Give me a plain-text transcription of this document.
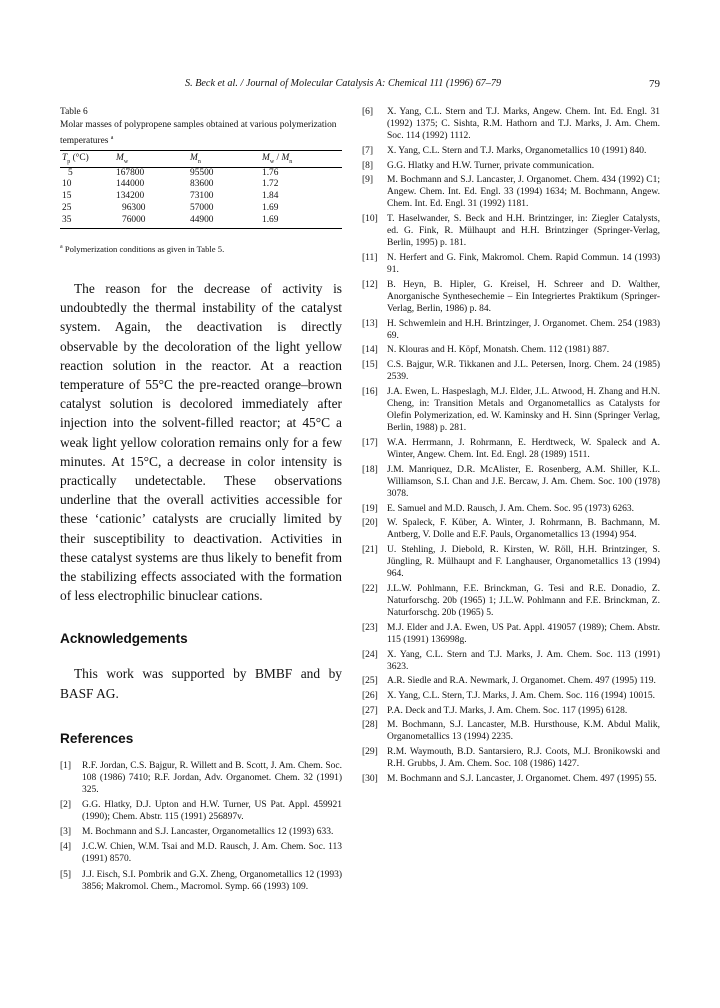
S. Beck et al. / Journal of Molecular Catalysis A: Chemical 111 (1996) 67–79	79
Table 6
Molar masses of polypropene samples obtained at various polymerization temperatures $^a$
$T_p$ (°C)	$M_w$	$M_n$	$M_w / M_n$
5	167800	95500	1.76
10	144000	83600	1.72
15	134200	73100	1.84
25	96300	57000	1.69
35	76000	44900	1.69
$^a$ Polymerization conditions as given in Table 5.

The reason for the decrease of activity is undoubtedly the thermal instability of the catalyst system. Again, the deactivation is directly observable by the decoloration of the light yellow reaction solution in the reactor. At a reaction temperature of 55°C the pre-reacted orange–brown catalyst solution is decolored immediately after injection into the solvent-filled reactor; at 45°C a weak light yellow coloration remains only for a few minutes. At 15°C, a decrease in color intensity is practically undetectable. These observations underline that the overall activities accessible for these ‘cationic’ catalysts are crucially limited by their susceptibility to deactivation. Activities in these catalyst systems are thus likely to benefit from the stabilizing effects associated with the formation of less electrophilic binuclear cations.

Acknowledgements

This work was supported by BMBF and by BASF AG.

References
[1] R.F. Jordan, C.S. Bajgur, R. Willett and B. Scott, J. Am. Chem. Soc. 108 (1986) 7410; R.F. Jordan, Adv. Organomet. Chem. 32 (1991) 325.
[2] G.G. Hlatky, D.J. Upton and H.W. Turner, US Pat. Appl. 459921 (1990); Chem. Abstr. 115 (1991) 256897v.
[3] M. Bochmann and S.J. Lancaster, Organometallics 12 (1993) 633.
[4] J.C.W. Chien, W.M. Tsai and M.D. Rausch, J. Am. Chem. Soc. 113 (1991) 8570.
[5] J.J. Eisch, S.I. Pombrik and G.X. Zheng, Organometallics 12 (1993) 3856; Makromol. Chem., Macromol. Symp. 66 (1993) 109.
[6] X. Yang, C.L. Stern and T.J. Marks, Angew. Chem. Int. Ed. Engl. 31 (1992) 1375; C. Sishta, R.M. Hathorn and T.J. Marks, J. Am. Chem. Soc. 114 (1992) 1112.
[7] X. Yang, C.L. Stern and T.J. Marks, Organometallics 10 (1991) 840.
[8] G.G. Hlatky and H.W. Turner, private communication.
[9] M. Bochmann and S.J. Lancaster, J. Organomet. Chem. 434 (1992) C1; Angew. Chem. Int. Ed. Engl. 33 (1994) 1634; M. Bochmann, Angew. Chem. Int. Ed. Engl. 31 (1992) 1181.
[10] T. Haselwander, S. Beck and H.H. Brintzinger, in: Ziegler Catalysts, ed. G. Fink, R. Mülhaupt and H.H. Brintzinger (Springer-Verlag, Berlin, 1995) p. 181.
[11] N. Herfert and G. Fink, Makromol. Chem. Rapid Commun. 14 (1993) 91.
[12] B. Heyn, B. Hipler, G. Kreisel, H. Schreer and D. Walther, Anorganische Synthesechemie – Ein Integriertes Praktikum (Springer-Verlag, Berlin, 1986) p. 84.
[13] H. Schwemlein and H.H. Brintzinger, J. Organomet. Chem. 254 (1983) 69.
[14] N. Klouras and H. Köpf, Monatsh. Chem. 112 (1981) 887.
[15] C.S. Bajgur, W.R. Tikkanen and J.L. Petersen, Inorg. Chem. 24 (1985) 2539.
[16] J.A. Ewen, L. Haspeslagh, M.J. Elder, J.L. Atwood, H. Zhang and H.N. Cheng, in: Transition Metals and Organometallics as Catalysts for Olefin Polymerization, ed. W. Kaminsky and H. Sinn (Springer Verlag, Berlin, 1988) p. 281.
[17] W.A. Herrmann, J. Rohrmann, E. Herdtweck, W. Spaleck and A. Winter, Angew. Chem. Int. Ed. Engl. 28 (1989) 1511.
[18] J.M. Manriquez, D.R. McAlister, E. Rosenberg, A.M. Shiller, K.L. Williamson, S.I. Chan and J.E. Bercaw, J. Am. Chem. Soc. 100 (1978) 3078.
[19] E. Samuel and M.D. Rausch, J. Am. Chem. Soc. 95 (1973) 6263.
[20] W. Spaleck, F. Küber, A. Winter, J. Rohrmann, B. Bachmann, M. Antberg, V. Dolle and E.F. Pauls, Organometallics 13 (1994) 954.
[21] U. Stehling, J. Diebold, R. Kirsten, W. Röll, H.H. Brintzinger, S. Jüngling, R. Mülhaupt and F. Langhauser, Organometallics 13 (1994) 964.
[22] J.L.W. Pohlmann, F.E. Brinckman, G. Tesi and R.E. Donadio, Z. Naturforschg. 20b (1965) 1; J.L.W. Pohlmann and F.E. Brinckman, Z. Naturforschg. 20b (1965) 5.
[23] M.J. Elder and J.A. Ewen, US Pat. Appl. 419057 (1989); Chem. Abstr. 115 (1991) 136998g.
[24] X. Yang, C.L. Stern and T.J. Marks, J. Am. Chem. Soc. 113 (1991) 3623.
[25] A.R. Siedle and R.A. Newmark, J. Organomet. Chem. 497 (1995) 119.
[26] X. Yang, C.L. Stern, T.J. Marks, J. Am. Chem. Soc. 116 (1994) 10015.
[27] P.A. Deck and T.J. Marks, J. Am. Chem. Soc. 117 (1995) 6128.
[28] M. Bochmann, S.J. Lancaster, M.B. Hursthouse, K.M. Abdul Malik, Organometallics 13 (1994) 2235.
[29] R.M. Waymouth, B.D. Santarsiero, R.J. Coots, M.J. Bronikowski and R.H. Grubbs, J. Am. Chem. Soc. 108 (1986) 1427.
[30] M. Bochmann and S.J. Lancaster, J. Organomet. Chem. 497 (1995) 55.
